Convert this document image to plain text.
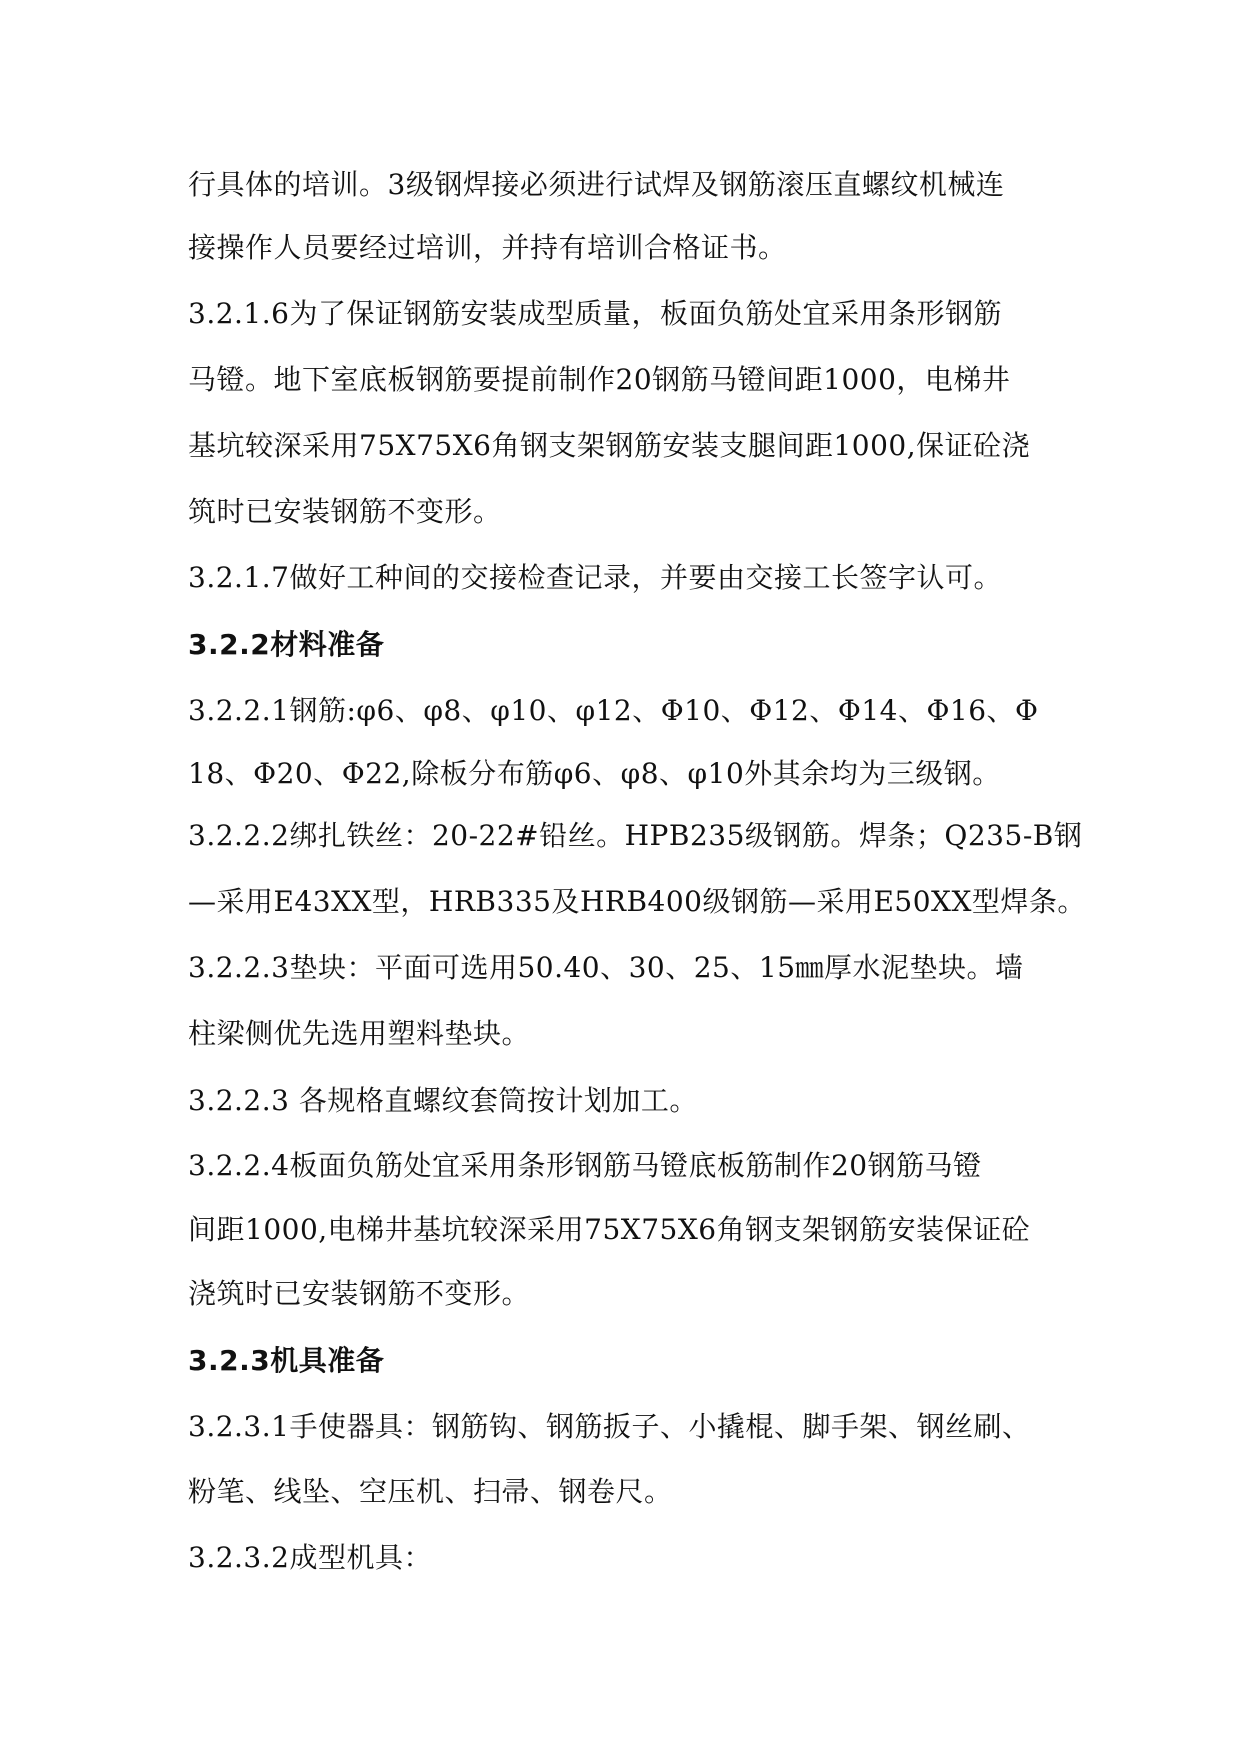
行具体的培训。3级钢焊接必须进行试焊及钢筋滚压直螺纹机械连
接操作人员要经过培训，并持有培训合格证书。
3.2.1.6为了保证钢筋安装成型质量，板面负筋处宜采用条形钢筋
马镫。地下室底板钢筋要提前制作20钢筋马镫间距1000，电梯井
基坑较深采用75X75X6角钢支架钢筋安装支腿间距1000,保证砼浇
筑时已安装钢筋不变形。
3.2.1.7做好工种间的交接检查记录，并要由交接工长签字认可。
3.2.2材料准备
3.2.2.1钢筋:φ6、φ8、φ10、φ12、Φ10、Φ12、Φ14、Φ16、Φ
18、Φ20、Φ22,除板分布筋φ6、φ8、φ10外其余均为三级钢。
3.2.2.2绑扎铁丝：20-22#铅丝。HPB235级钢筋。焊条；Q235-B钢
—采用E43XX型，HRB335及HRB400级钢筋—采用E50XX型焊条。
3.2.2.3垫块：平面可选用50.40、30、25、15㎜厚水泥垫块。墙
柱梁侧优先选用塑料垫块。
3.2.2.3 各规格直螺纹套筒按计划加工。
3.2.2.4板面负筋处宜采用条形钢筋马镫底板筋制作20钢筋马镫
间距1000,电梯井基坑较深采用75X75X6角钢支架钢筋安装保证砼
浇筑时已安装钢筋不变形。
3.2.3机具准备
3.2.3.1手使器具：钢筋钩、钢筋扳子、小撬棍、脚手架、钢丝刷、
粉笔、线坠、空压机、扫帚、钢卷尺。
3.2.3.2成型机具：
